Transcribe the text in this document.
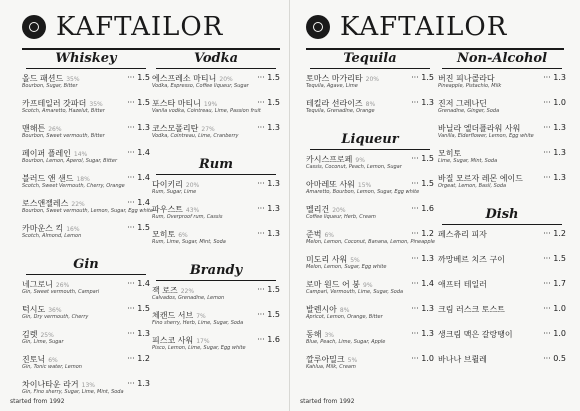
KAFTAILOR
Whiskey
올드 패션드 35%
Bourbon, Sugar, Bitter
··· 1.5
카프테일러 갓파더 35%
Scotch, Amaretto, Hazelut, Bitter
··· 1.5
맨해튼 26%
Bourbon, Sweet vermouth, Bitter
··· 1.3
페이퍼 플레인 14%
Bourbon, Lemon, Aperol, Sugar, Bitter
··· 1.4
블러드 앤 샌드 18%
Scotch, Sweet Vermouth, Cherry, Orange
··· 1.4
로스앤젤레스 22%
Bourbon, Sweet vermouth, Lemon, Sugar, Egg white
··· 1.4
카마운스 킥 16%
Scotch, Almond, Lemon
··· 1.5
Gin
네그로니 26%
Gin, Sweet vermouth, Campari
··· 1.4
턱시도 36%
Gin, Dry vermouth, Cherry
··· 1.5
김렛 25%
Gin, Lime, Sugar
··· 1.3
진토닉 6%
Gin, Tonic water, Lemon
··· 1.2
차이나타운 라거 13%
Gin, Fino sherry, Sugar, Lime, Mint, Soda
··· 1.3
Vodka
에스프레소 마티니 20%
Vodka, Espresso, Coffee liqueur, Sugar
··· 1.5
포스타 마티니 19%
Vanila vodka, Cointreau, Lime, Passion fruit
··· 1.5
코스모폴리탄 27%
Vodka, Cointreau, Lime, Cranberry
··· 1.3
Rum
다이키리 20%
Rum, Sugar, Lime
··· 1.3
파우스트 43%
Rum, Overproof rum, Cassis
··· 1.3
모히토 6%
Rum, Lime, Sugar, Mint, Soda
··· 1.3
Brandy
잭 로즈 22%
Calvados, Grenadine, Lemon
··· 1.5
체캔드 서브 7%
Fino sherry, Herb, Lime, Sugar, Soda
··· 1.5
피스코 사워 17%
Pisco, Lemon, Lime, Sugar, Egg white
··· 1.6
started from 1992
KAFTAILOR
Tequila
토마스 마가리타 20%
Tequila, Agave, Lime
··· 1.5
테킬라 선라이즈 8%
Tequila, Grenadine, Orange
··· 1.3
Liqueur
카시스프로페 9%
Cassis, Coconut, Peach, Lemon, Sugar
··· 1.5
아마레또 사워 15%
Amaretto, Bourbon, Lemon, Sugar, Egg white
··· 1.5
멜리건 20%
Coffee liqueur, Herb, Cream
··· 1.6
준벅 6%
Melon, Lemon, Coconut, Banana, Lemon, Pineapple
··· 1.2
미도리 사워 5%
Melon, Lemon, Sugar, Egg white
··· 1.3
로마 원드 어 붕 9%
Campari, Vermouth, Lime, Sugar, Soda
··· 1.4
발렌시아 8%
Apricot, Lemon, Orange, Bitter
··· 1.3
동해 3%
Blue, Peach, Lime, Sugar, Apple
··· 1.3
깔루아밀크 5%
Kahlua, Milk, Cream
··· 1.0
Non-Alcohol
버진 피나콜라다
Pineapple, Pistachio, Milk
··· 1.3
진저 그레나딘
Grenadine, Ginger, Soda
··· 1.0
바닐라 엘더플라워 사워
Vanilla, Elderflower, Lemon, Egg white
··· 1.3
모히토
Lime, Sugar, Mint, Soda
··· 1.3
바질 모르자 레몬 에이드
Orgeat, Lemon, Basil, Soda
··· 1.3
Dish
페스츄리 피자	··· 1.2
까망베르 치즈 구이	··· 1.5
애프터 테일러	··· 1.7
크림 러스크 토스트	··· 1.0
생크림 맥은 갈랑땡이	··· 1.0
바나나 브륄레	··· 0.5
started from 1992
